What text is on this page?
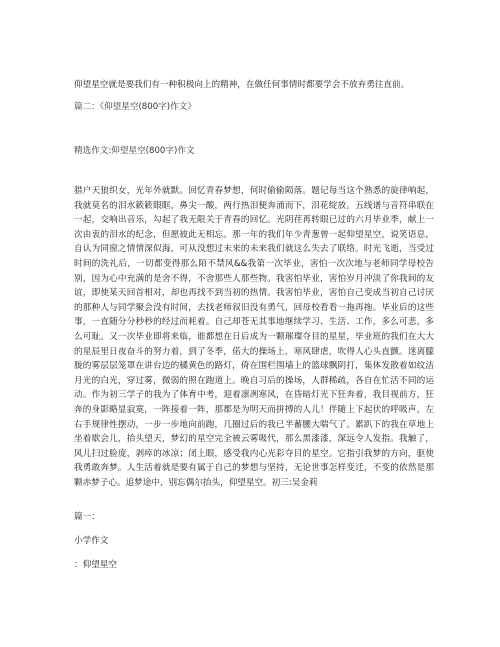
仰望星空就是要我们有一种积极向上的精神，在做任何事情时都要学会不放弃勇往直前。
篇二：《仰望星空(800字)作文》
精选作文:仰望星空(800字)作文

猎户天狼织女，光年外就默。回忆青春梦想，何时偷偷陨落。题记每当这个熟悉的旋律响起，我就莫名的泪水簌簌眼眶，鼻尖一酸，两行热泪便奔涌而下，泪花绽放。五线谱与音符串联在一起，交响出音乐，勾起了我无限关于青春的回忆。光阴荏苒转眼已过的六月毕业季，献上一次由衷的泪水的纪念，但愿彼此无相忘。那一年的我们年少青葱曾一起仰望星空，说笑语息，自认为同窗之情情深似海，可从没想过未来的未来我们就这么失去了联络。时光飞逝，当受过时间的洗礼后，一切都变得那么陌不禁风&&我第一次毕业，害怕一次次地与老师同学母校告别，因为心中充满的是舍不得，不舍那些人那些物。我害怕毕业，害怕岁月冲淡了你我间的友谊，即使某天回首相对，却也再找不到当初的热情。我害怕毕业，害怕自己变成当初自己讨厌的那种人与同学聚会没有时间，去找老师叙旧没有勇气，回母校看看一拖再拖。毕业后的这些事，一直随分分秒秒的经过而耗着。自己却苍无其事地继续学习、生活、工作，多么可悲，多么可耻。又一次毕业即将来临，谁都想在日后成为一颗璀璨夺目的星星，毕业班的我们在大大的星辰里日夜奋斗的努力着，到了冬季，偌大的操场上，寒风肆虐，吹得人心头直颤。迷离朦胧的雾层层笼罩在讲台边的橘黄色的路灯，倚在围栏围墙上的篮球飘阴打，集体发散着如纹洁月光的白光，穿过雾，微弱的照在跑道上。晚自习后的操场，人群稀疏，各自在忙活不同的运动。作为初三学子的我为了体育中考，迎着凛冽寒风，在昏暗灯光下狂奔着，我目视前方，狂奔的身影略显寂寞，一阵接着一阵，那都是为明天而拼搏的人儿！伴随上下起伏的呼吸声，左右手规律性摆动，一步一步地向前跑，几圈过后的我已半蓄腰大喘气了。累趴下的我在草地上坐着歇会儿，抬头望天，梦幻的星空完全被云雾吸代，那么黑漆漆，深远令人发指。我触了，风儿扫过脸庞，剥瘁的冰凉；闭上眼，感受我内心光彩夺目的星空。它指引我梦的方向，驱使我勇敢奔梦。人生活着就是要有属于自己的梦想与坚持，无论世事怎样变迁，不变的依然是那颗赤梦子心。追梦途中，别忘偶尔抬头，仰望星空。初三:吴金莉

篇一：
小学作文
：仰望星空
